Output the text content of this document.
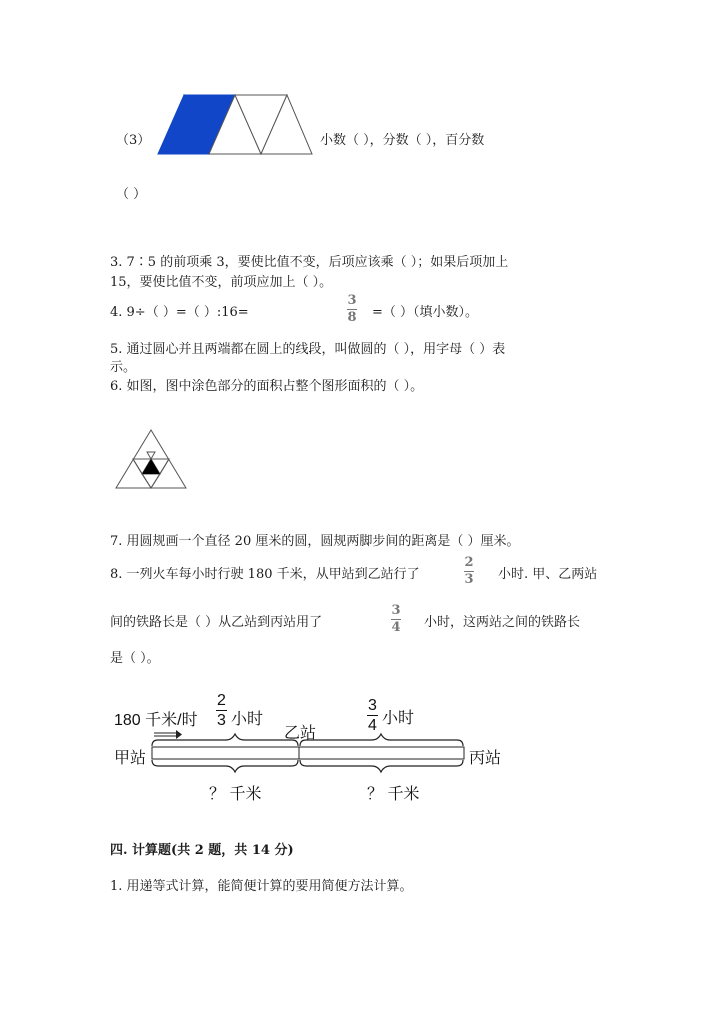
（3）	小数（ ），分数（ ），百分数
（ ）
3. 7∶5 的前项乘 3，要使比值不变，后项应该乘（ ）；如果后项加上
15，要使比值不变，前项应加上（ ）。
4. 9÷（ ）=（ ）:16=
3
8 =（ ）（填小数）。
5. 通过圆心并且两端都在圆上的线段，叫做圆的（ ），用字母（ ）表
示。
6. 如图，图中涂色部分的面积占整个图形面积的（ ）。
7. 用圆规画一个直径 20 厘米的圆，圆规两脚步间的距离是（ ）厘米。
8. 一列火车每小时行驶 180 千米，从甲站到乙站行了
2
3 小时. 甲、乙两站
间的铁路长是（ ）从乙站到丙站用了
3
4 小时，这两站之间的铁路长
是（ ）。
180 千米/时
2
3 小时
乙站
3
4 小时
甲站	丙站
？ 千米	？ 千米
四. 计算题(共 2 题，共 14 分)
1. 用递等式计算，能简便计算的要用简便方法计算。
